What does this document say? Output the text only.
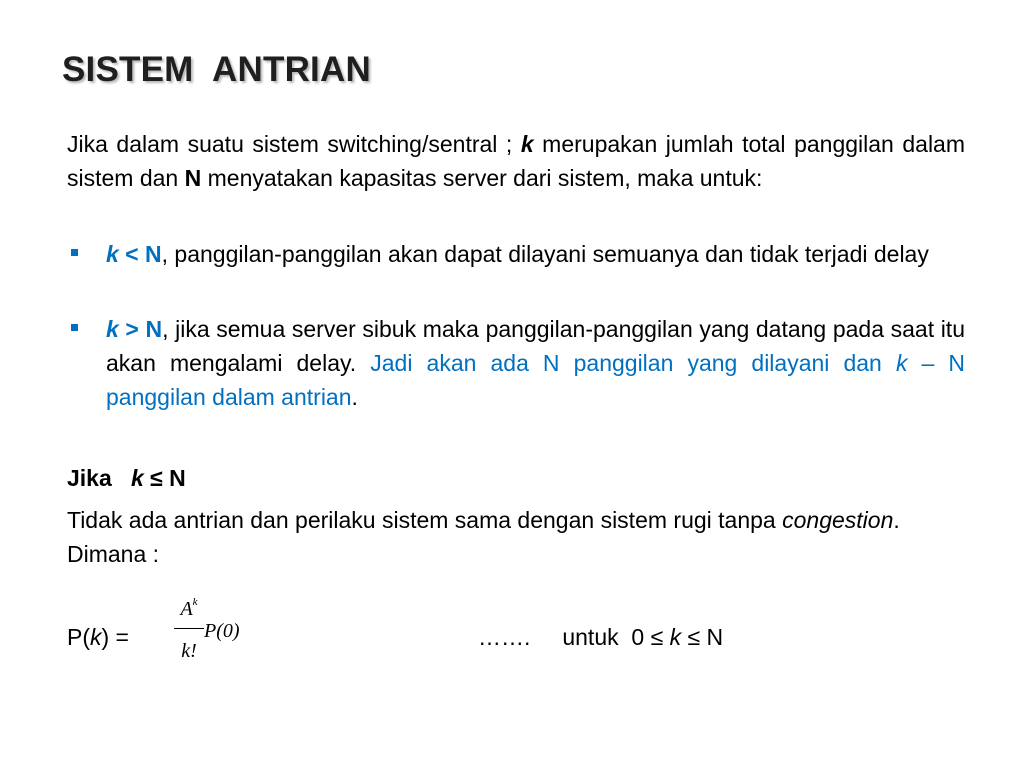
SISTEM  ANTRIAN
Jika dalam suatu sistem switching/sentral ; k merupakan jumlah total panggilan dalam sistem dan N menyatakan kapasitas server dari sistem, maka untuk:
k < N, panggilan-panggilan akan dapat dilayani semuanya dan tidak terjadi delay
k > N, jika semua server sibuk maka panggilan-panggilan yang datang pada saat itu akan mengalami delay. Jadi akan ada N panggilan yang dilayani dan k – N panggilan dalam antrian.
Jika   k ≤ N
Tidak ada antrian dan perilaku sistem sama dengan sistem rugi tanpa congestion. Dimana :
P(k) =
$A^k$
k!
P(0)	…….     untuk  0 ≤ k ≤ N
